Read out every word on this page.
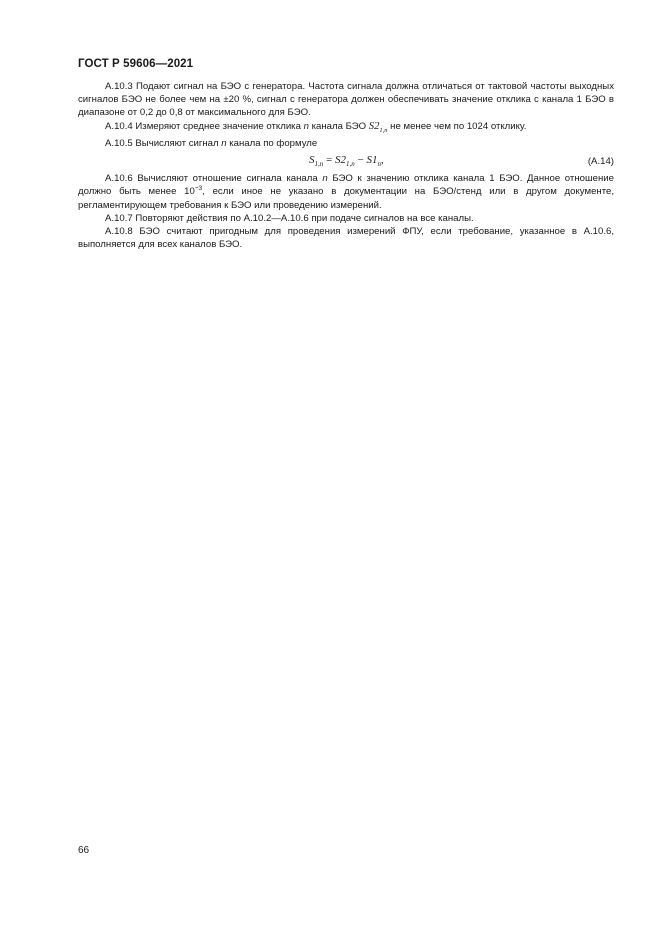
ГОСТ Р 59606—2021

А.10.3 Подают сигнал на БЭО с генератора. Частота сигнала должна отличаться от тактовой частоты выходных сигналов БЭО не более чем на ±20 %, сигнал с генератора должен обеспечивать значение отклика с канала 1 БЭО в диапазоне от 0,2 до 0,8 от максимального для БЭО.

А.10.4 Измеряют среднее значение отклика n канала БЭО $S2_{1,n}$ не менее чем по 1024 отклику.

А.10.5 Вычисляют сигнал n канала по формуле

$S_{1,n} = S2_{1,n} - S1_n$,	(А.14)

А.10.6 Вычисляют отношение сигнала канала n БЭО к значению отклика канала 1 БЭО. Данное отношение должно быть менее $10^{-3}$, если иное не указано в документации на БЭО/стенд или в другом документе, регламентирующем требования к БЭО или проведению измерений.

А.10.7 Повторяют действия по А.10.2—А.10.6 при подаче сигналов на все каналы.

А.10.8 БЭО считают пригодным для проведения измерений ФПУ, если требование, указанное в А.10.6, выполняется для всех каналов БЭО.

66
